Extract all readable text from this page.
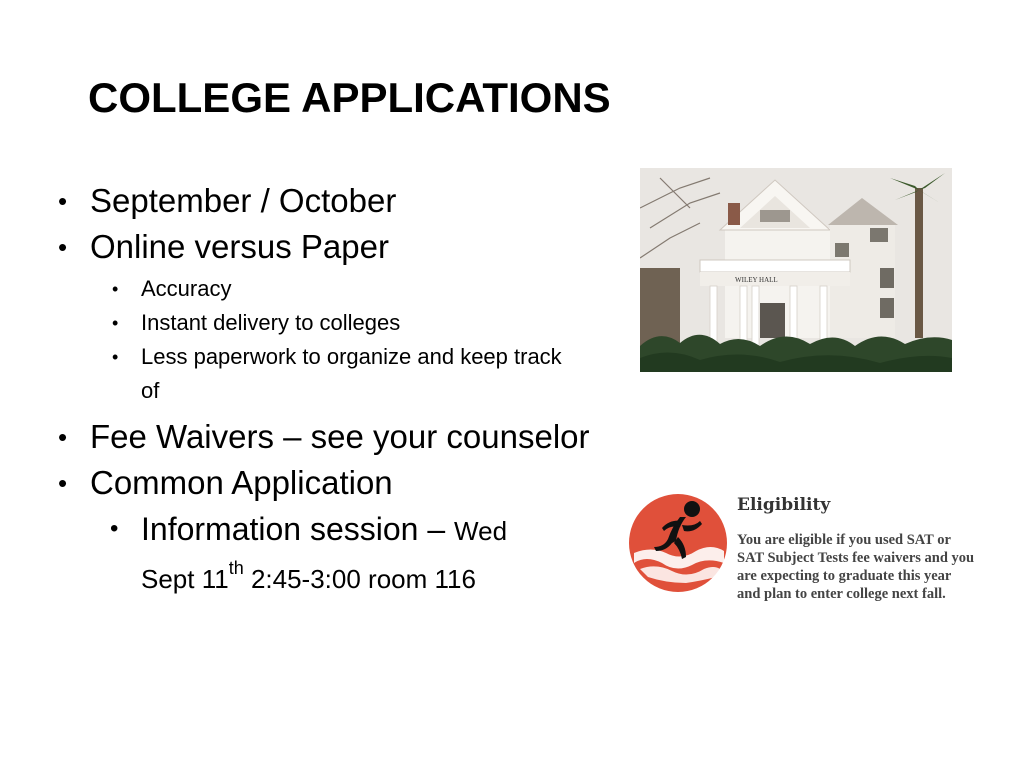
COLLEGE APPLICATIONS
• September / October
• Online versus Paper
• Accuracy
• Instant delivery to colleges
• Less paperwork to organize and keep track of
• Fee Waivers – see your counselor
• Common Application
• Information session – Wed
Sept 11th 2:45-3:00 room 116
WILEY HALL
Eligibility
You are eligible if you used SAT or SAT Subject Tests fee waivers and you are expecting to graduate this year and plan to enter college next fall.
